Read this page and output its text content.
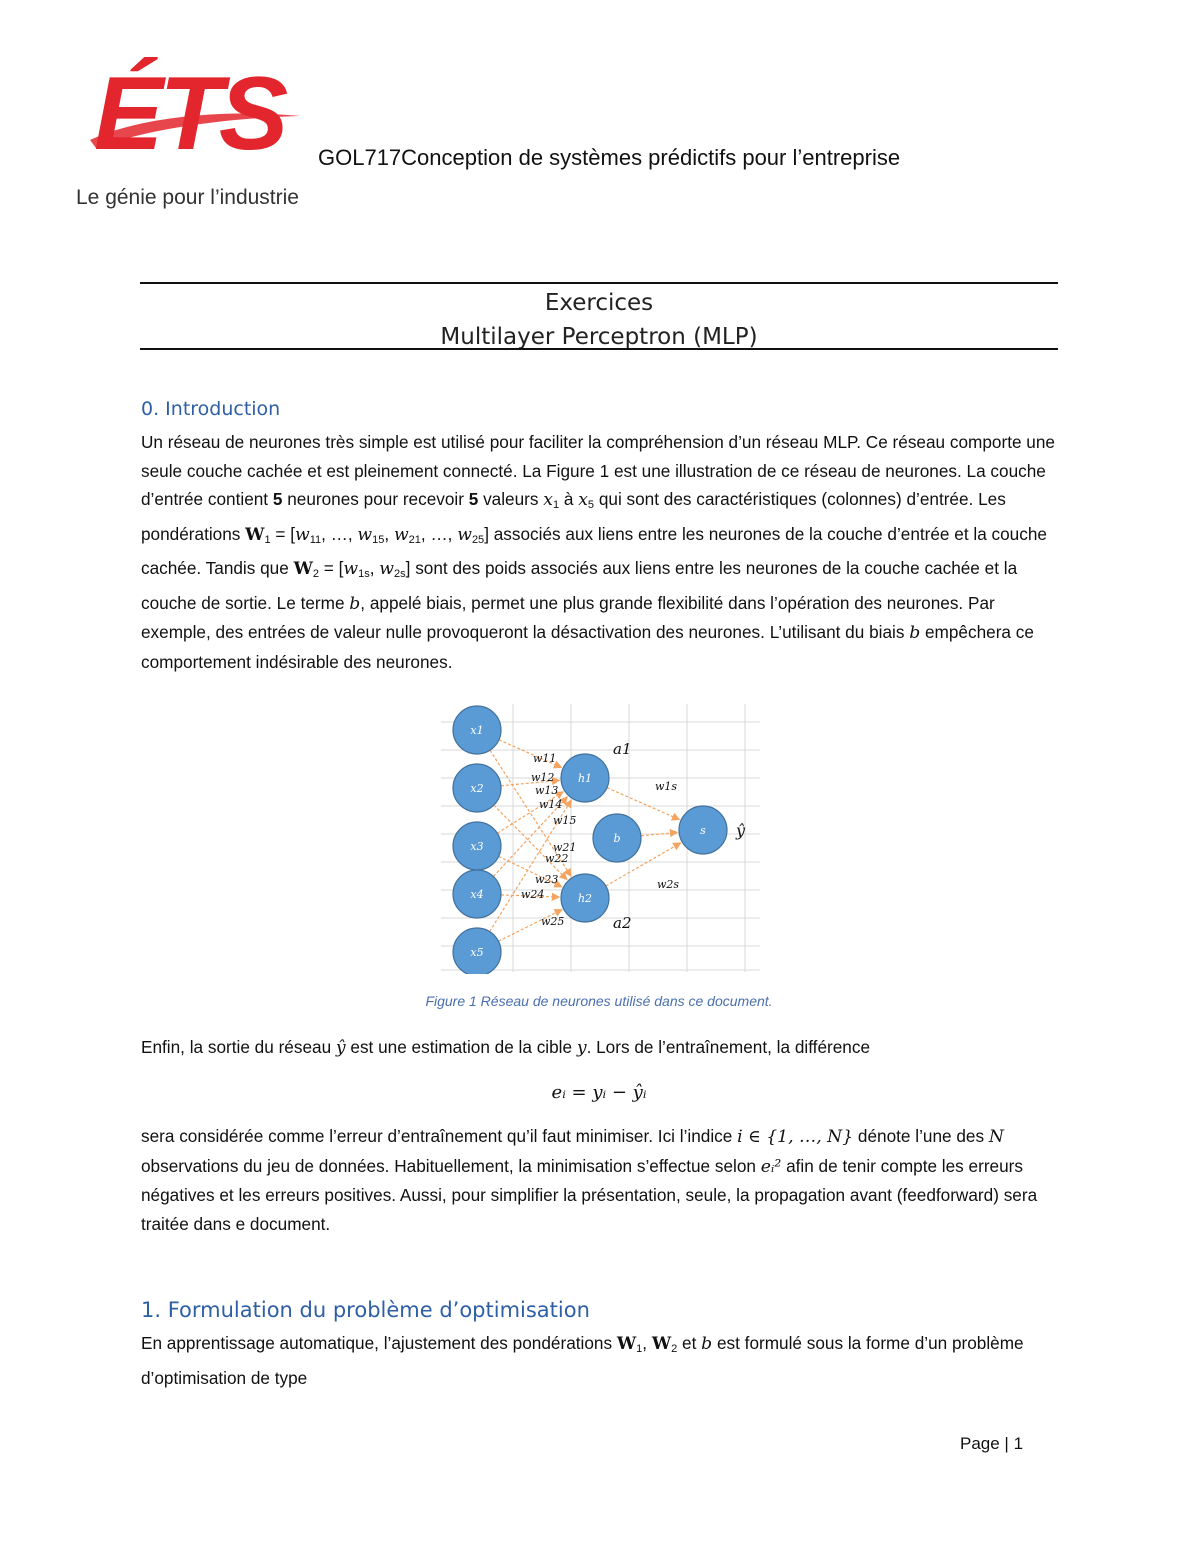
ÉTS
Le génie pour l’industrie
GOL717Conception de systèmes prédictifs pour l’entreprise
Exercices
Multilayer Perceptron (MLP)
0. Introduction

Un réseau de neurones très simple est utilisé pour faciliter la compréhension d’un réseau MLP. Ce réseau comporte une seule couche cachée et est pleinement connecté. La Figure 1 est une illustration de ce réseau de neurones. La couche d’entrée contient 5 neurones pour recevoir 5 valeurs $x_1$ à $x_5$ qui sont des caractéristiques (colonnes) d’entrée. Les pondérations $W_1 = [w_{11}$, …, $w_{15}$, $w_{21}$, …, $w_{25}$] associés aux liens entre les neurones de la couche d’entrée et la couche cachée. Tandis que $W_2 = [w_{1s}$, $w_{2s}$] sont des poids associés aux liens entre les neurones de la couche cachée et la couche de sortie. Le terme b, appelé biais, permet une plus grande flexibilité dans l’opération des neurones. Par exemple, des entrées de valeur nulle provoqueront la désactivation des neurones. L’utilisant du biais b empêchera ce comportement indésirable des neurones.

w11
w12
w13
w14
w15
w21
w22
w23
w24
w25
w1s
w2s
a1
a2
ŷ
x1
x2
x3
x4
x5
h1
b
h2
s
Figure 1 Réseau de neurones utilisé dans ce document.

Enfin, la sortie du réseau ŷ est une estimation de la cible y. Lors de l’entraînement, la différence

eᵢ = yᵢ − ŷᵢ

sera considérée comme l’erreur d’entraînement qu’il faut minimiser. Ici l’indice i ∈ {1, …, N} dénote l’une des N observations du jeu de données. Habituellement, la minimisation s’effectue selon eᵢ² afin de tenir compte les erreurs négatives et les erreurs positives. Aussi, pour simplifier la présentation, seule, la propagation avant (feedforward) sera traitée dans e document.

1. Formulation du problème d’optimisation

En apprentissage automatique, l’ajustement des pondérations $W_1$, $W_2$ et b est formulé sous la forme d’un problème d’optimisation de type

Page | 1
